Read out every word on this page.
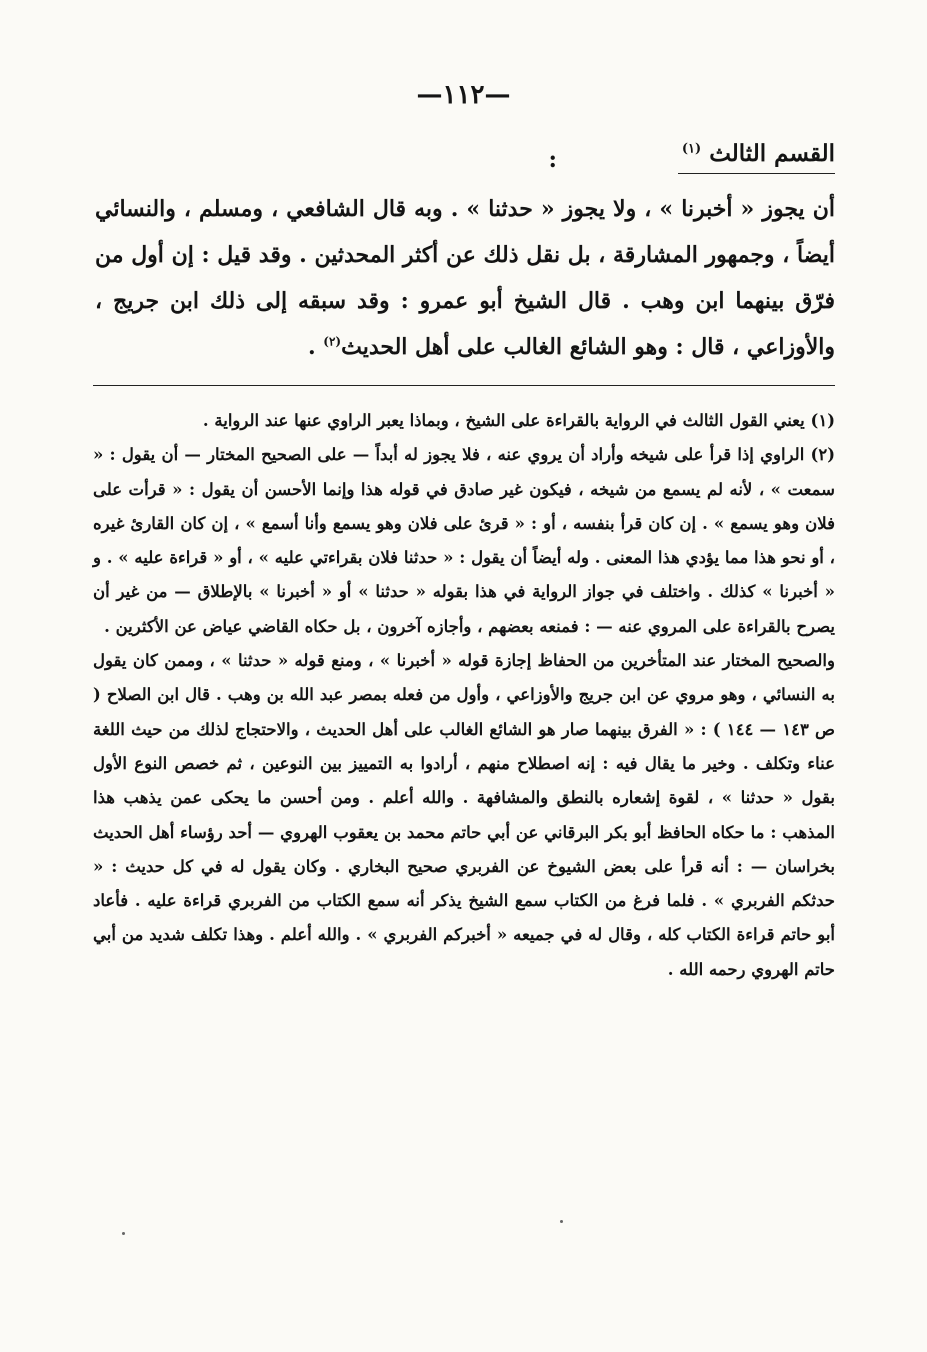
—١١٢—
القسم الثالث $^{(١)}$
:

أن يجوز « أخبرنا » ، ولا يجوز « حدثنا » . وبه قال الشافعي ، ومسلم ، والنسائي أيضاً ، وجمهور المشارقة ، بل نقل ذلك عن أكثر المحدثين . وقد قيل : إن أول من فرّق بينهما ابن وهب . قال الشيخ أبو عمرو : وقد سبقه إلى ذلك ابن جريج ، والأوزاعي ، قال : وهو الشائع الغالب على أهل الحديث$^{(٢)}$ .

(١) يعني القول الثالث في الرواية بالقراءة على الشيخ ، وبماذا يعبر الراوي عنها عند الرواية .

(٢) الراوي إذا قرأ على شيخه وأراد أن يروي عنه ، فلا يجوز له أبداً — على الصحيح المختار — أن يقول : « سمعت » ، لأنه لم يسمع من شيخه ، فيكون غير صادق في قوله هذا وإنما الأحسن أن يقول : « قرأت على فلان وهو يسمع » . إن كان قرأ بنفسه ، أو : « قرئ على فلان وهو يسمع وأنا أسمع » ، إن كان القارئ غيره ، أو نحو هذا مما يؤدي هذا المعنى . وله أيضاً أن يقول : « حدثنا فلان بقراءتي عليه » ، أو « قراءة عليه » . و « أخبرنا » كذلك . واختلف في جواز الرواية في هذا بقوله « حدثنا » أو « أخبرنا » بالإطلاق — من غير أن يصرح بالقراءة على المروي عنه — : فمنعه بعضهم ، وأجازه آخرون ، بل حكاه القاضي عياض عن الأكثرين .

والصحيح المختار عند المتأخرين من الحفاظ إجازة قوله « أخبرنا » ، ومنع قوله « حدثنا » ، وممن كان يقول به النسائي ، وهو مروي عن ابن جريج والأوزاعي ، وأول من فعله بمصر عبد الله بن وهب . قال ابن الصلاح ( ص ١٤٣ — ١٤٤ ) : « الفرق بينهما صار هو الشائع الغالب على أهل الحديث ، والاحتجاج لذلك من حيث اللغة عناء وتكلف . وخير ما يقال فيه : إنه اصطلاح منهم ، أرادوا به التمييز بين النوعين ، ثم خصص النوع الأول بقول « حدثنا » ، لقوة إشعاره بالنطق والمشافهة . والله أعلم . ومن أحسن ما يحكى عمن يذهب هذا المذهب : ما حكاه الحافظ أبو بكر البرقاني عن أبي حاتم محمد بن يعقوب الهروي — أحد رؤساء أهل الحديث بخراسان — : أنه قرأ على بعض الشيوخ عن الفربري صحيح البخاري . وكان يقول له في كل حديث : « حدثكم الفربري » . فلما فرغ من الكتاب سمع الشيخ يذكر أنه سمع الكتاب من الفربري قراءة عليه . فأعاد أبو حاتم قراءة الكتاب كله ، وقال له في جميعه « أخبركم الفربري » . والله أعلم . وهذا تكلف شديد من أبي حاتم الهروي رحمه الله .
